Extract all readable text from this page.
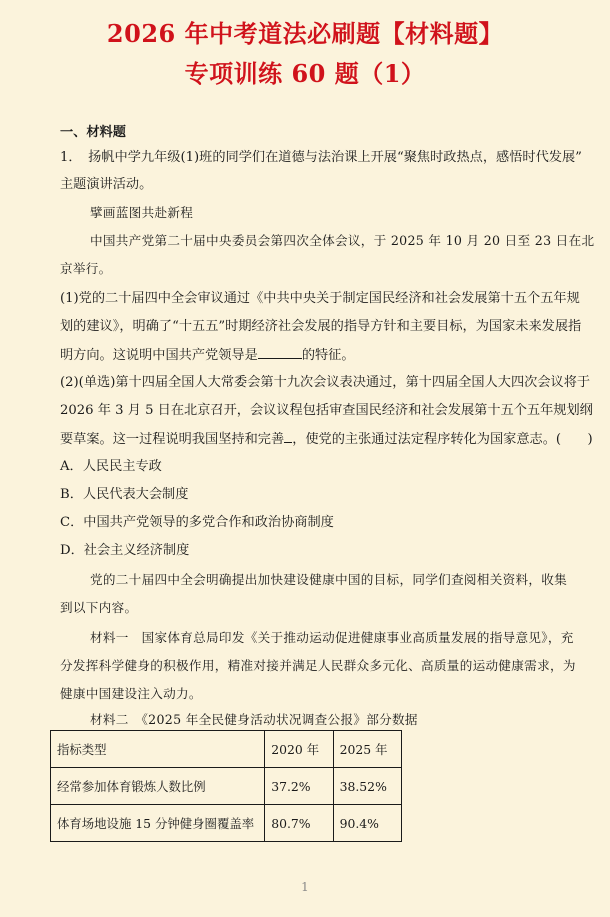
2026 年中考道法必刷题【材料题】
专项训练 60 题（1）
一、材料题
1．　扬帆中学九年级(1)班的同学们在道德与法治课上开展“聚焦时政热点，感悟时代发展”
主题演讲活动。
擘画蓝图共赴新程
中国共产党第二十届中央委员会第四次全体会议，于 2025 年 10 月 20 日至 23 日在北
京举行。
(1)党的二十届四中全会审议通过《中共中央关于制定国民经济和社会发展第十五个五年规
划的建议》，明确了“十五五”时期经济社会发展的指导方针和主要目标，为国家未来发展指
明方向。这说明中国共产党领导是	的特征。
(2)(单选)第十四届全国人大常委会第十九次会议表决通过，第十四届全国人大四次会议将于
2026 年 3 月 5 日在北京召开，会议议程包括审查国民经济和社会发展第十五个五年规划纲
要草案。这一过程说明我国坚持和完善 ，使党的主张通过法定程序转化为国家意志。(　　)
A．人民民主专政
B．人民代表大会制度
C．中国共产党领导的多党合作和政治协商制度
D．社会主义经济制度
党的二十届四中全会明确提出加快建设健康中国的目标，同学们查阅相关资料，收集
到以下内容。
材料一　国家体育总局印发《关于推动运动促进健康事业高质量发展的指导意见》，充
分发挥科学健身的积极作用，精准对接并满足人民群众多元化、高质量的运动健康需求，为
健康中国建设注入动力。
材料二　《2025 年全民健身活动状况调查公报》部分数据
指标类型	2020 年	2025 年
经常参加体育锻炼人数比例	37.2%	38.52%
体育场地设施 15 分钟健身圈覆盖率	80.7%	90.4%
1
